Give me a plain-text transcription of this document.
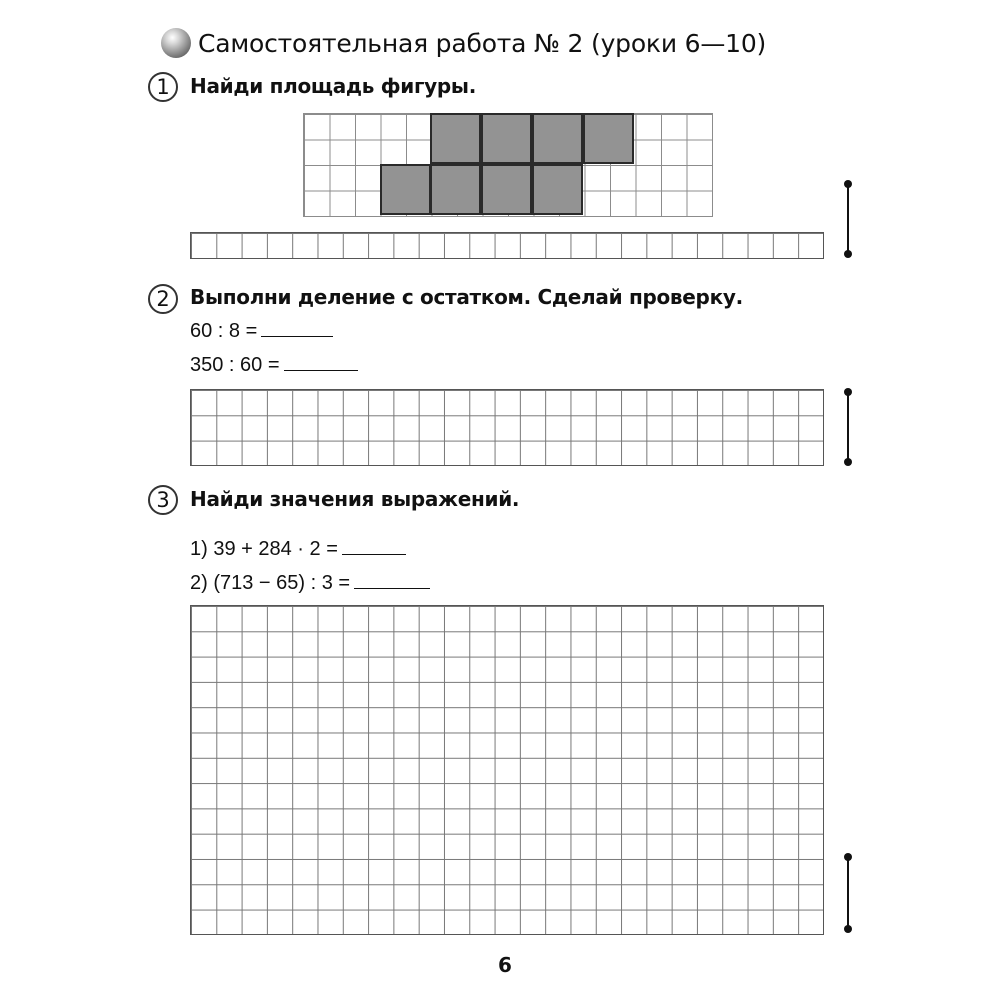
Самостоятельная работа № 2 (уроки 6—10)
1	Найди площадь фигуры.
2	Выполни деление с остатком. Сделай проверку.
60 : 8 =
350 : 60 =
3	Найди значения выражений.
1) 39 + 284 · 2 =
2) (713 − 65) : 3 =
6
